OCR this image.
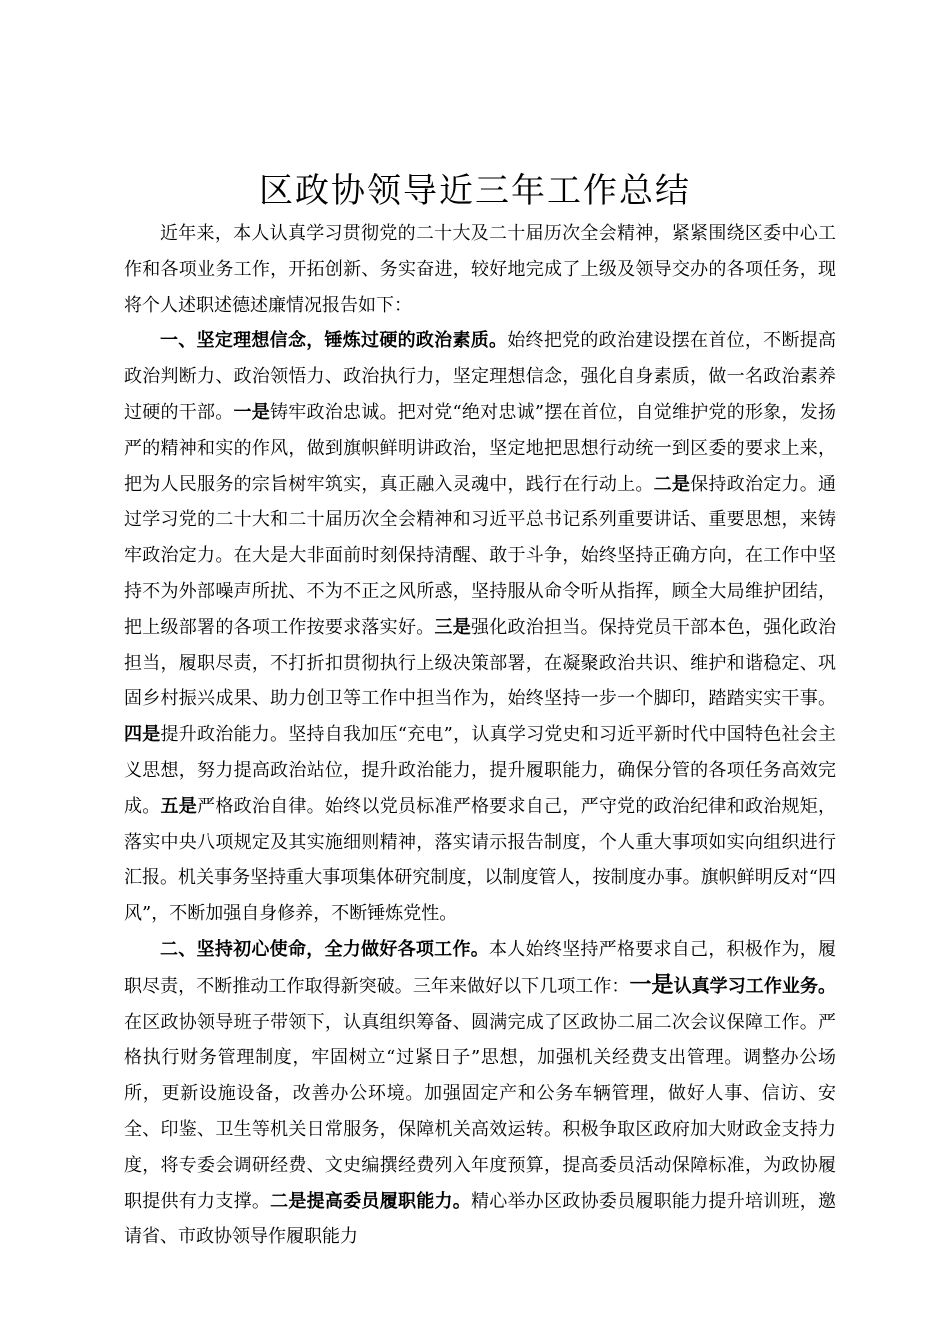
区政协领导近三年工作总结

近年来，本人认真学习贯彻党的二十大及二十届历次全会精神，紧紧围绕区委中心工作和各项业务工作，开拓创新、务实奋进，较好地完成了上级及领导交办的各项任务，现将个人述职述德述廉情况报告如下：

一、坚定理想信念，锤炼过硬的政治素质。始终把党的政治建设摆在首位，不断提高政治判断力、政治领悟力、政治执行力，坚定理想信念，强化自身素质，做一名政治素养过硬的干部。一是铸牢政治忠诚。把对党“绝对忠诚”摆在首位，自觉维护党的形象，发扬严的精神和实的作风，做到旗帜鲜明讲政治，坚定地把思想行动统一到区委的要求上来，把为人民服务的宗旨树牢筑实，真正融入灵魂中，践行在行动上。二是保持政治定力。通过学习党的二十大和二十届历次全会精神和习近平总书记系列重要讲话、重要思想，来铸牢政治定力。在大是大非面前时刻保持清醒、敢于斗争，始终坚持正确方向，在工作中坚持不为外部噪声所扰、不为不正之风所惑，坚持服从命令听从指挥，顾全大局维护团结，把上级部署的各项工作按要求落实好。三是强化政治担当。保持党员干部本色，强化政治担当，履职尽责，不打折扣贯彻执行上级决策部署，在凝聚政治共识、维护和谐稳定、巩固乡村振兴成果、助力创卫等工作中担当作为，始终坚持一步一个脚印，踏踏实实干事。四是提升政治能力。坚持自我加压“充电”，认真学习党史和习近平新时代中国特色社会主义思想，努力提高政治站位，提升政治能力，提升履职能力，确保分管的各项任务高效完成。五是严格政治自律。始终以党员标准严格要求自己，严守党的政治纪律和政治规矩，落实中央八项规定及其实施细则精神，落实请示报告制度，个人重大事项如实向组织进行汇报。机关事务坚持重大事项集体研究制度，以制度管人，按制度办事。旗帜鲜明反对“四风”，不断加强自身修养，不断锤炼党性。

二、坚持初心使命，全力做好各项工作。本人始终坚持严格要求自己，积极作为，履职尽责，不断推动工作取得新突破。三年来做好以下几项工作：一是认真学习工作业务。在区政协领导班子带领下，认真组织筹备、圆满完成了区政协二届二次会议保障工作。严格执行财务管理制度，牢固树立“过紧日子”思想，加强机关经费支出管理。调整办公场所，更新设施设备，改善办公环境。加强固定产和公务车辆管理，做好人事、信访、安全、印鉴、卫生等机关日常服务，保障机关高效运转。积极争取区政府加大财政金支持力度，将专委会调研经费、文史编撰经费列入年度预算，提高委员活动保障标准，为政协履职提供有力支撑。二是提高委员履职能力。精心举办区政协委员履职能力提升培训班，邀请省、市政协领导作履职能力
